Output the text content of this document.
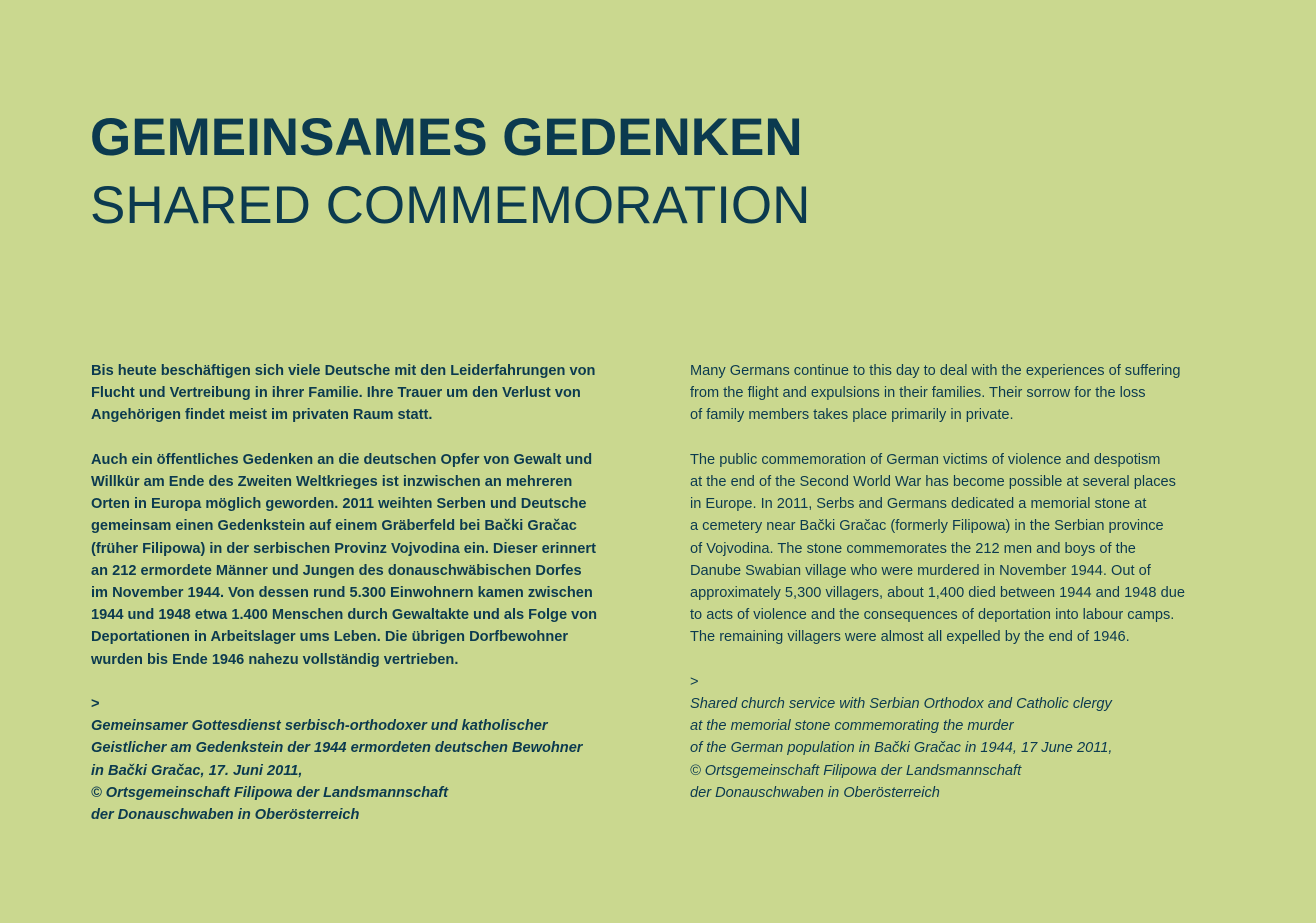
GEMEINSAMES GEDENKEN
SHARED COMMEMORATION

Bis heute beschäftigen sich viele Deutsche mit den Leiderfahrungen von
Flucht und Vertreibung in ihrer Familie. Ihre Trauer um den Verlust von
Angehörigen findet meist im privaten Raum statt.

Auch ein öffentliches Gedenken an die deutschen Opfer von Gewalt und
Willkür am Ende des Zweiten Weltkrieges ist inzwischen an mehreren
Orten in Europa möglich geworden. 2011 weihten Serben und Deutsche
gemeinsam einen Gedenkstein auf einem Gräberfeld bei Bački Gračac
(früher Filipowa) in der serbischen Provinz Vojvodina ein. Dieser erinnert
an 212 ermordete Männer und Jungen des donauschwäbischen Dorfes
im November 1944. Von dessen rund 5.300 Einwohnern kamen zwischen
1944 und 1948 etwa 1.400 Menschen durch Gewaltakte und als Folge von
Deportationen in Arbeitslager ums Leben. Die übrigen Dorfbewohner
wurden bis Ende 1946 nahezu vollständig vertrieben.

>
Gemeinsamer Gottesdienst serbisch-orthodoxer und katholischer
Geistlicher am Gedenkstein der 1944 ermordeten deutschen Bewohner
in Bački Gračac, 17. Juni 2011,
© Ortsgemeinschaft Filipowa der Landsmannschaft
der Donauschwaben in Oberösterreich

Many Germans continue to this day to deal with the experiences of suffering
from the flight and expulsions in their families. Their sorrow for the loss
of family members takes place primarily in private.

The public commemoration of German victims of violence and despotism
at the end of the Second World War has become possible at several places
in Europe. In 2011, Serbs and Germans dedicated a memorial stone at
a cemetery near Bački Gračac (formerly Filipowa) in the Serbian province
of Vojvodina. The stone commemorates the 212 men and boys of the
Danube Swabian village who were murdered in November 1944. Out of
approximately 5,300 villagers, about 1,400 died between 1944 and 1948 due
to acts of violence and the consequences of deportation into labour camps.
The remaining villagers were almost all expelled by the end of 1946.

>
Shared church service with Serbian Orthodox and Catholic clergy
at the memorial stone commemorating the murder
of the German population in Bački Gračac in 1944, 17 June 2011,
© Ortsgemeinschaft Filipowa der Landsmannschaft
der Donauschwaben in Oberösterreich
